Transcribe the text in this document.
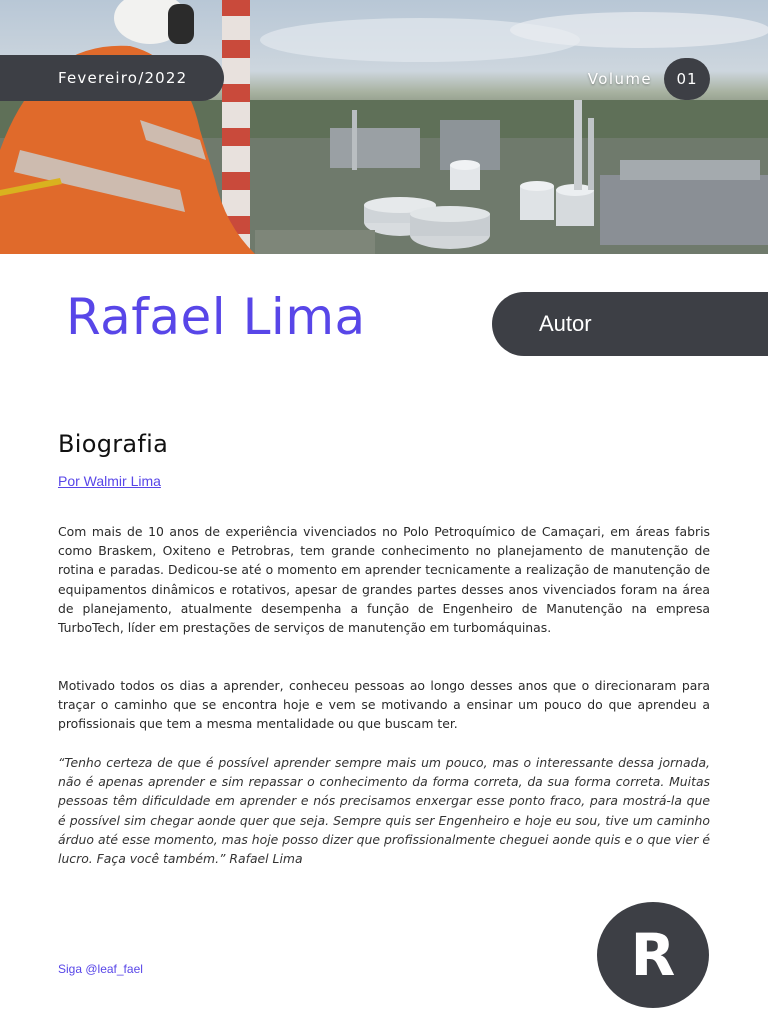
Fevereiro/2022	Volume	01
Rafael Lima	Autor
Biografia
Por Walmir Lima

Com mais de 10 anos de experiência vivenciados no Polo Petroquímico de Camaçari, em áreas fabris como Braskem, Oxiteno e Petrobras, tem grande conhecimento no planejamento de manutenção de rotina e paradas. Dedicou-se até o momento em aprender tecnicamente a realização de manutenção de equipamentos dinâmicos e rotativos, apesar de grandes partes desses anos vivenciados foram na área de planejamento, atualmente desempenha a função de Engenheiro de Manutenção na empresa TurboTech, líder em prestações de serviços de manutenção em turbomáquinas.

Motivado todos os dias a aprender, conheceu pessoas ao longo desses anos que o direcionaram para traçar o caminho que se encontra hoje e vem se motivando a ensinar um pouco do que aprendeu a profissionais que tem a mesma mentalidade ou que buscam ter.

“Tenho certeza de que é possível aprender sempre mais um pouco, mas o interessante dessa jornada, não é apenas aprender e sim repassar o conhecimento da forma correta, da sua forma correta. Muitas pessoas têm dificuldade em aprender e nós precisamos enxergar esse ponto fraco, para mostrá-la que é possível sim chegar aonde quer que seja. Sempre quis ser Engenheiro e hoje eu sou, tive um caminho árduo até esse momento, mas hoje posso dizer que profissionalmente cheguei aonde quis e o que vier é lucro. Faça você também.” Rafael Lima

Siga @leaf_fael	R
